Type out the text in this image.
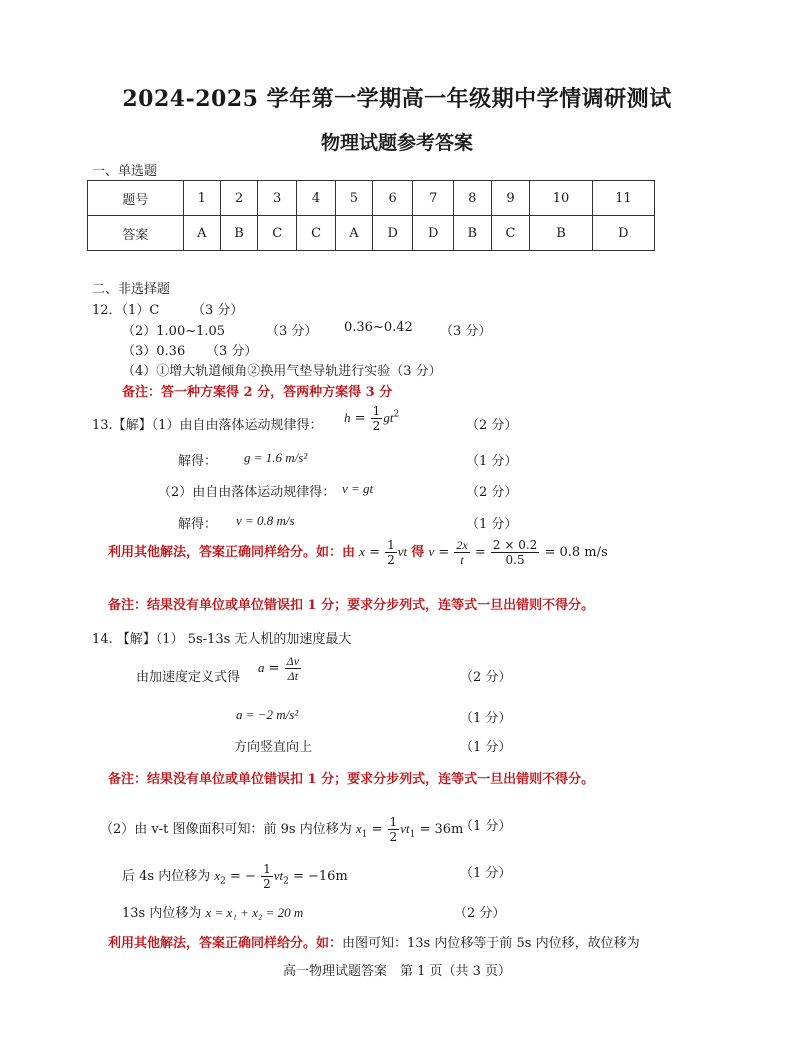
2024-2025 学年第一学期高一年级期中学情调研测试
物理试题参考答案
一、单选题
题号	1	2	3	4	5	6	7	8	9	10	11
答案	A	B	C	C	A	D	D	B	C	B	D
二、非选择题
12．（1）C	（3 分）
（2）1.00~1.05	（3 分） 0.36~0.42 （3 分）
（3）0.36 （3 分）
（4）①增大轨道倾角②换用气垫导轨进行实验（3 分）
备注：答一种方案得 2 分，答两种方案得 3 分
13.【解】（1）由自由落体运动规律得：
$h = \frac{1}{2} gt^2$
（2 分）
解得： g = 1.6 m/s²	（1 分）
（2）由自由落体运动规律得： v = gt	（2 分）
解得： v = 0.8 m/s	（1 分）
利用其他解法，答案正确同样给分。如：由 $x = \frac{1}{2}$ vt 得 $v = \frac{2x}{t} = \frac{2 \times 0.2}{0.5} = 0.8$ m/s
备注：结果没有单位或单位错误扣 1 分；要求分步列式，连等式一旦出错则不得分。
14. 【解】（1） 5s-13s 无人机的加速度最大
由加速度定义式得
$a = \frac{\Delta v}{\Delta t}$	（2 分）
a = −2 m/s²	（1 分）
方向竖直向上	（1 分）
备注：结果没有单位或单位错误扣 1 分；要求分步列式，连等式一旦出错则不得分。
（2）由 v-t 图像面积可知：前 9s 内位移为 $x_1 = \frac{1}{2} vt_1 = 36m$
（1 分）
后 4s 内位移为 $x_2$ = − $\frac{1}{2} vt_2 = -16m$	（1 分）
13s 内位移为 x = x₁ + x₂ = 20 m	（2 分）
利用其他解法，答案正确同样给分。如：由图可知：13s 内位移等于前 5s 内位移，故位移为
高一物理试题答案　第 1 页（共 3 页）
